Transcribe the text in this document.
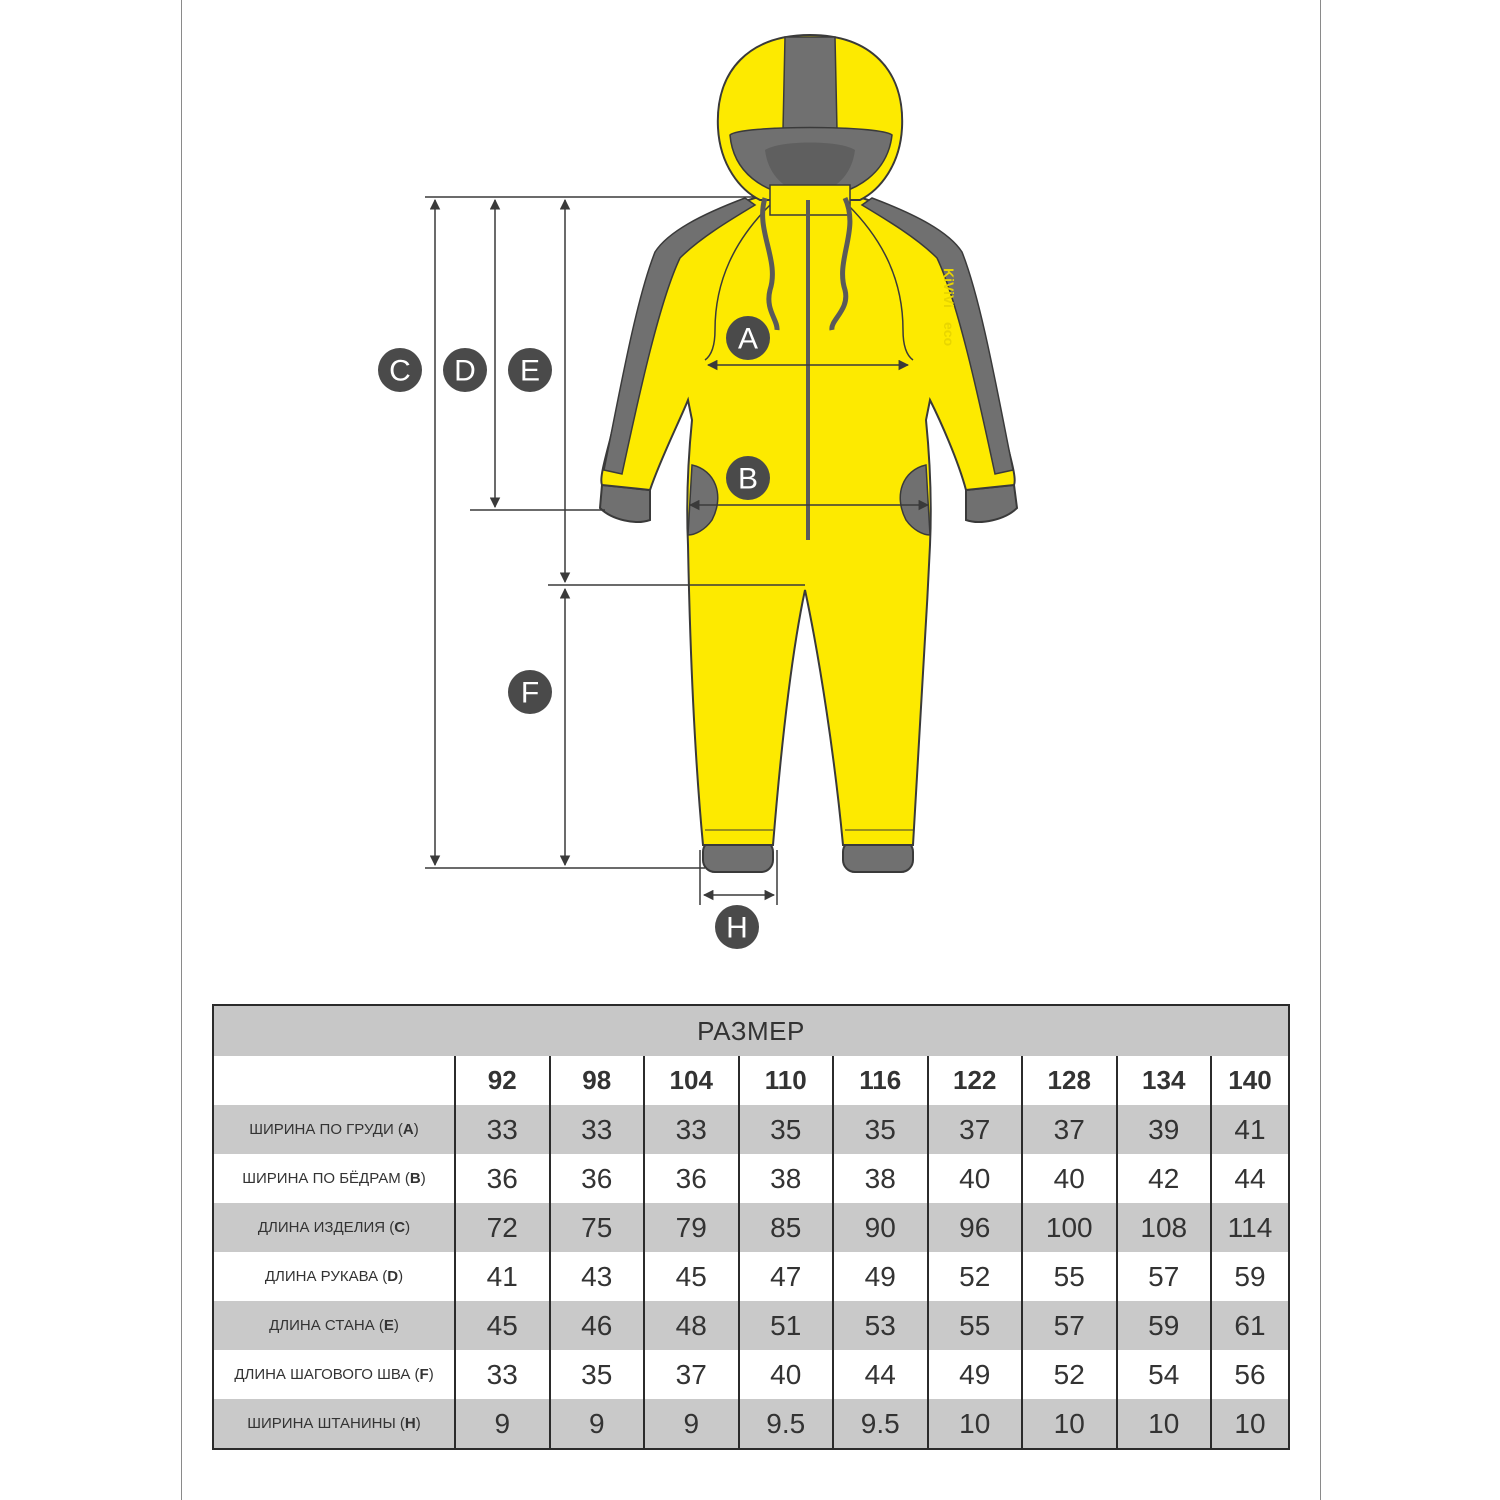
KiViVi
eco
A
B
C D E
F
H
РАЗМЕР
92	98	104	110	116	122	128	134	140
ШИРИНА ПО ГРУДИ ( A )	33	33	33	35	35	37	37	39	41
ШИРИНА ПО БЁДРАМ ( B )	36	36	36	38	38	40	40	42	44
ДЛИНА ИЗДЕЛИЯ ( C )	72	75	79	85	90	96	100	108	114
ДЛИНА РУКАВА ( D )	41	43	45	47	49	52	55	57	59
ДЛИНА СТАНА ( E )	45	46	48	51	53	55	57	59	61
ДЛИНА ШАГОВОГО ШВА ( F )	33	35	37	40	44	49	52	54	56
ШИРИНА ШТАНИНЫ ( H )	9	9	9	9.5	9.5	10	10	10	10
